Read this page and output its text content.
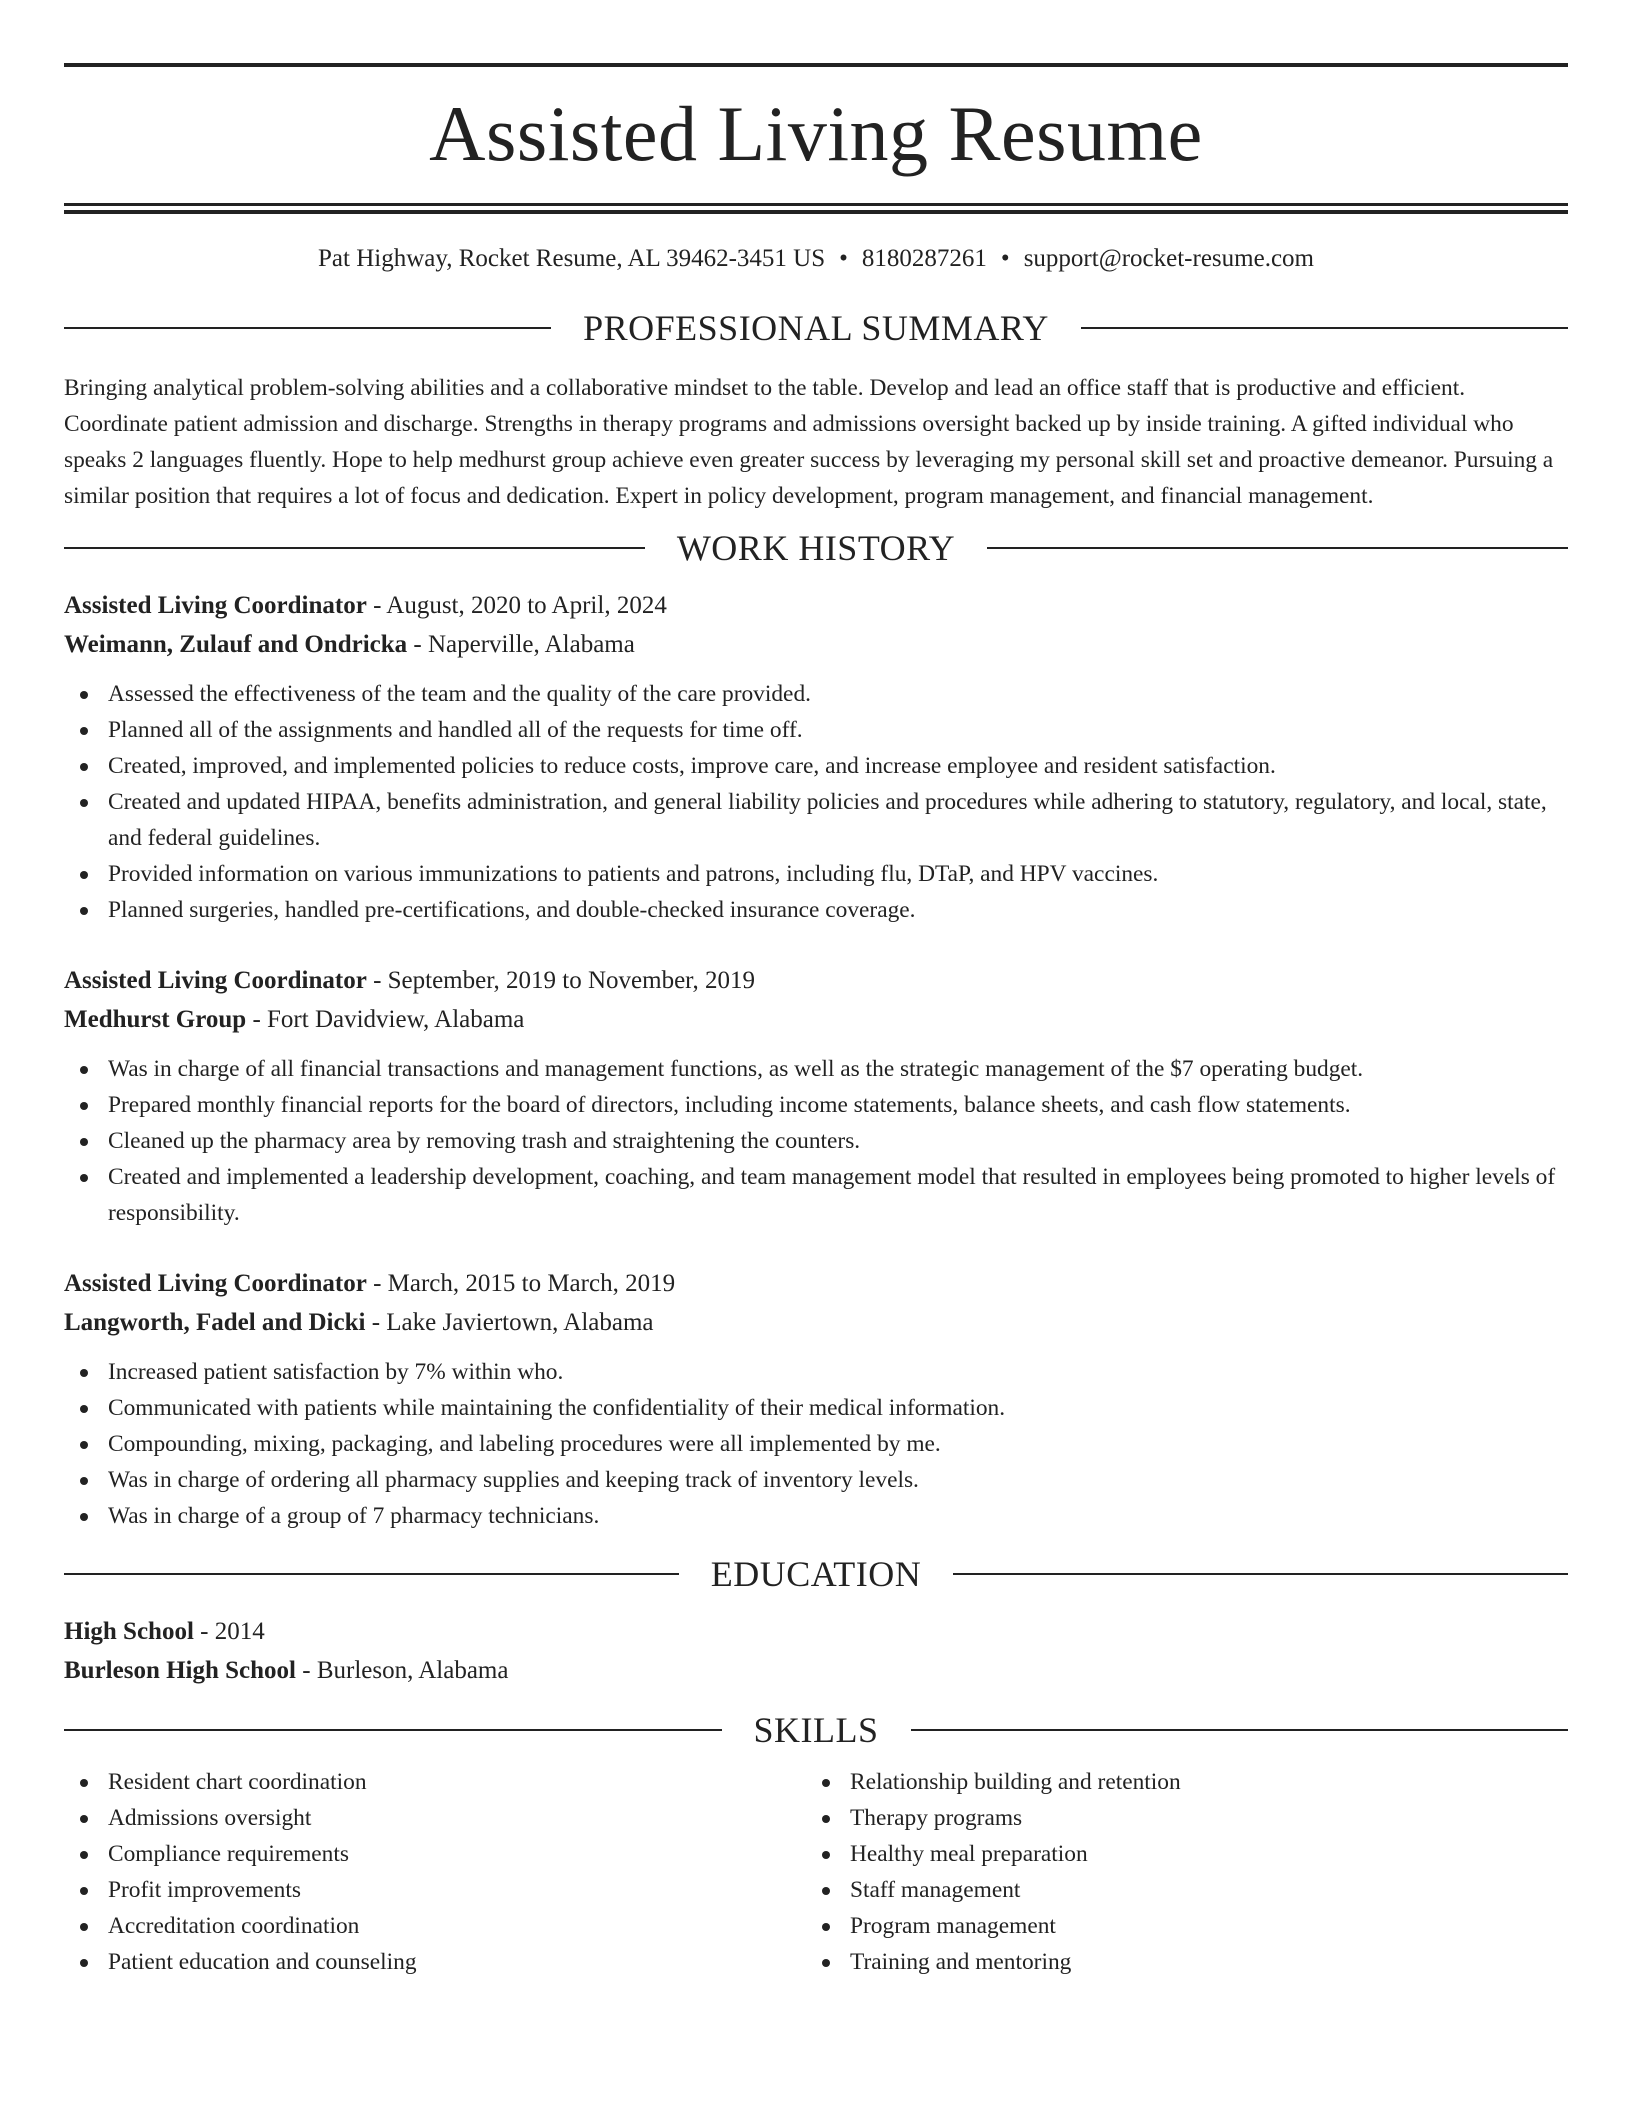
Assisted Living Resume
Pat Highway, Rocket Resume, AL 39462-3451 US • 8180287261 • support@rocket-resume.com
PROFESSIONAL SUMMARY

Bringing analytical problem-solving abilities and a collaborative mindset to the table. Develop and lead an office staff that is productive and efficient. Coordinate patient admission and discharge. Strengths in therapy programs and admissions oversight backed up by inside training. A gifted individual who speaks 2 languages fluently. Hope to help medhurst group achieve even greater success by leveraging my personal skill set and proactive demeanor. Pursuing a similar position that requires a lot of focus and dedication. Expert in policy development, program management, and financial management.

WORK HISTORY
Assisted Living Coordinator - August, 2020 to April, 2024
Weimann, Zulauf and Ondricka - Naperville, Alabama
Assessed the effectiveness of the team and the quality of the care provided.
Planned all of the assignments and handled all of the requests for time off.
Created, improved, and implemented policies to reduce costs, improve care, and increase employee and resident satisfaction.
Created and updated HIPAA, benefits administration, and general liability policies and procedures while adhering to statutory, regulatory, and local, state, and federal guidelines.
Provided information on various immunizations to patients and patrons, including flu, DTaP, and HPV vaccines.
Planned surgeries, handled pre-certifications, and double-checked insurance coverage.
Assisted Living Coordinator - September, 2019 to November, 2019
Medhurst Group - Fort Davidview, Alabama
Was in charge of all financial transactions and management functions, as well as the strategic management of the $7 operating budget.
Prepared monthly financial reports for the board of directors, including income statements, balance sheets, and cash flow statements.
Cleaned up the pharmacy area by removing trash and straightening the counters.
Created and implemented a leadership development, coaching, and team management model that resulted in employees being promoted to higher levels of responsibility.
Assisted Living Coordinator - March, 2015 to March, 2019
Langworth, Fadel and Dicki - Lake Javiertown, Alabama
Increased patient satisfaction by 7% within who.
Communicated with patients while maintaining the confidentiality of their medical information.
Compounding, mixing, packaging, and labeling procedures were all implemented by me.
Was in charge of ordering all pharmacy supplies and keeping track of inventory levels.
Was in charge of a group of 7 pharmacy technicians.
EDUCATION
High School - 2014
Burleson High School - Burleson, Alabama
SKILLS
Resident chart coordination
Admissions oversight
Compliance requirements
Profit improvements
Accreditation coordination
Patient education and counseling
Relationship building and retention
Therapy programs
Healthy meal preparation
Staff management
Program management
Training and mentoring
